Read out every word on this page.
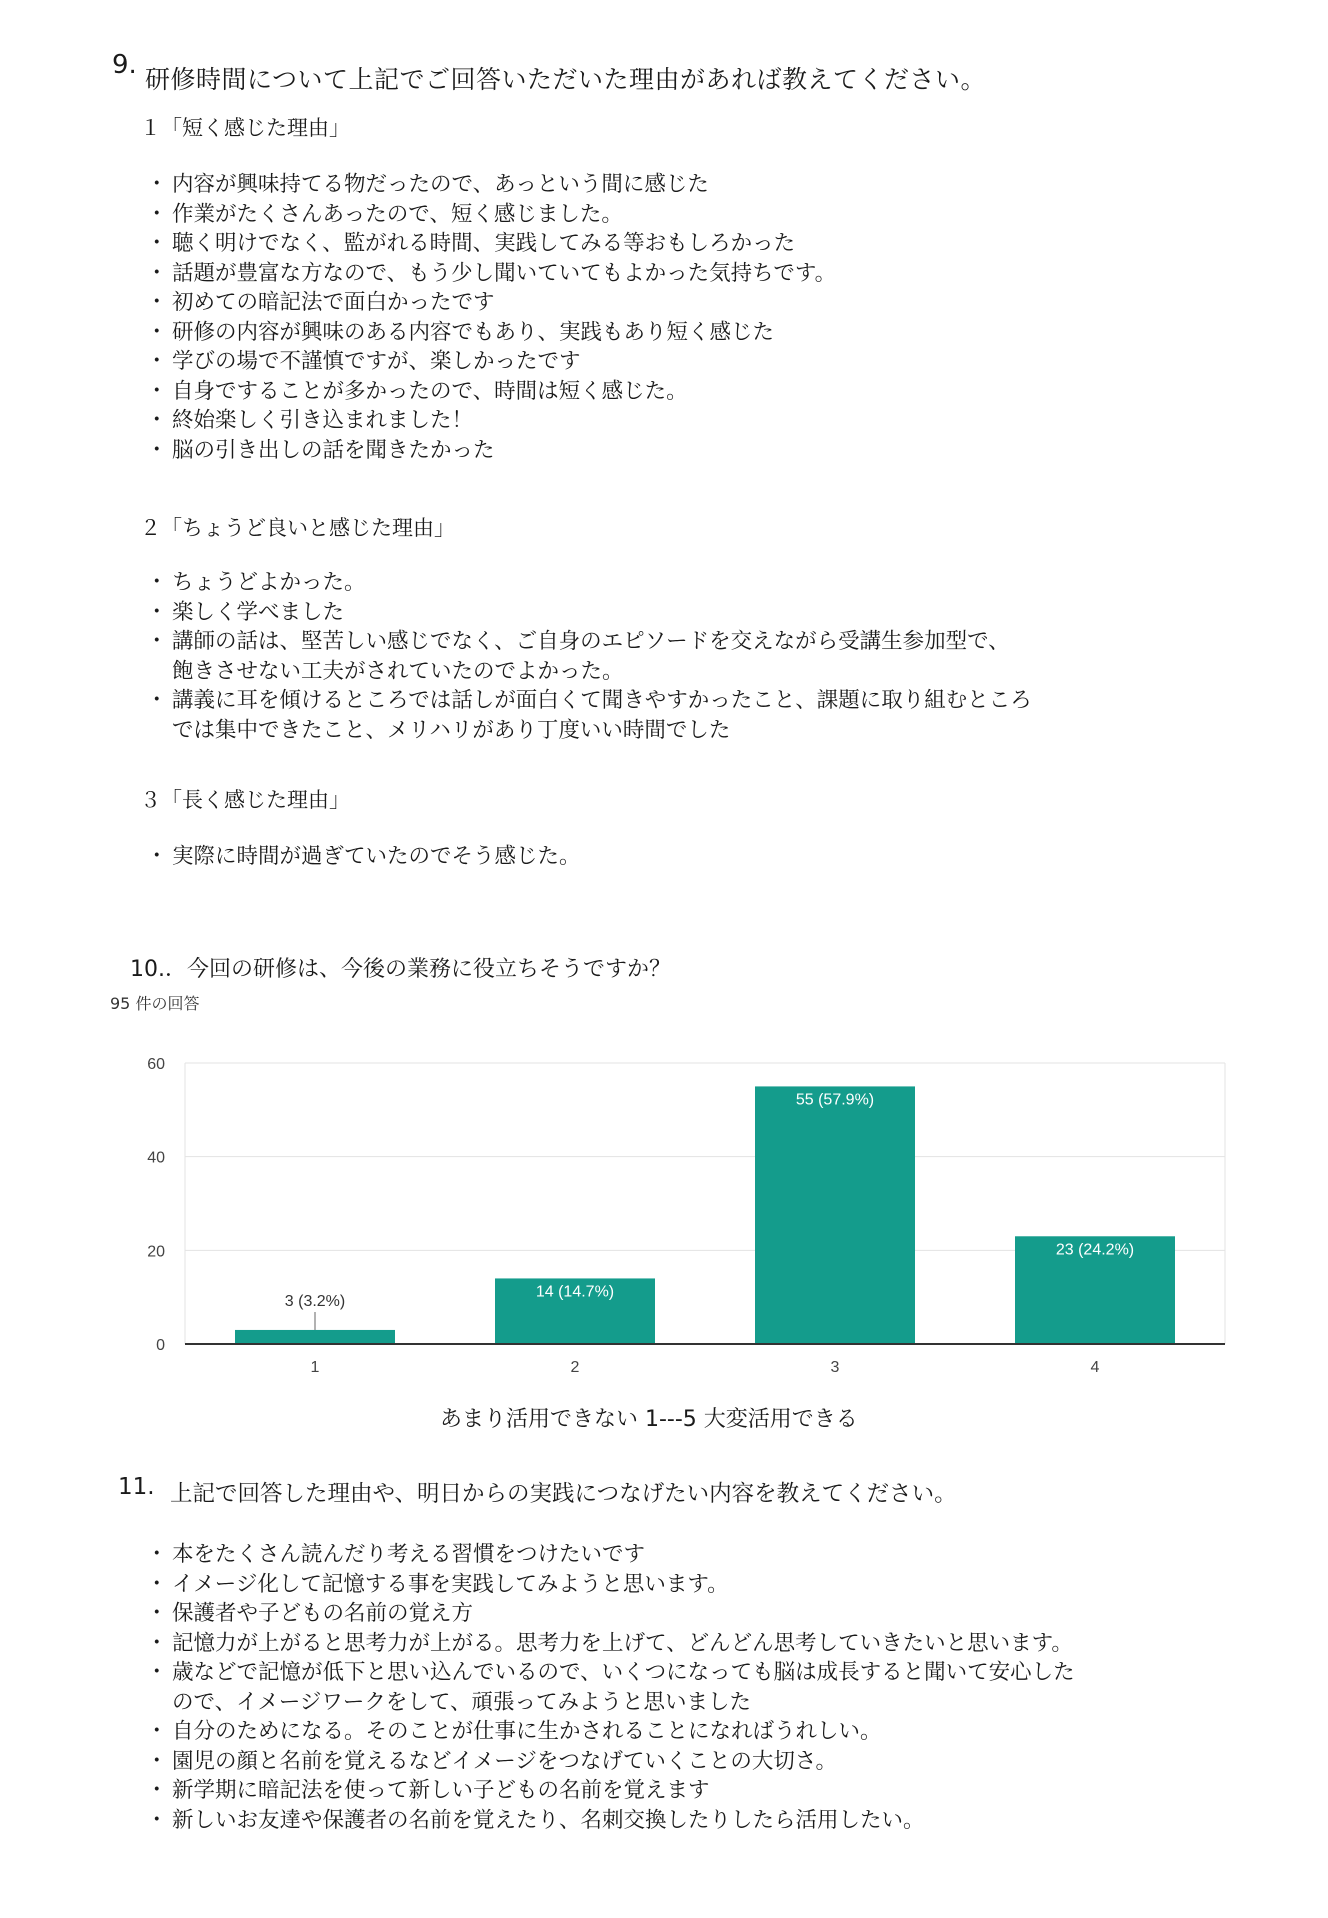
9. 研修時間について上記でご回答いただいた理由があれば教えてください。
１「短く感じた理由」
・ 内容が興味持てる物だったので、あっという間に感じた
・ 作業がたくさんあったので、短く感じました。
・ 聴く明けでなく、監がれる時間、実践してみる等おもしろかった
・ 話題が豊富な方なので、もう少し聞いていてもよかった気持ちです。
・ 初めての暗記法で面白かったです
・ 研修の内容が興味のある内容でもあり、実践もあり短く感じた
・ 学びの場で不謹慎ですが、楽しかったです
・ 自身ですることが多かったので、時間は短く感じた。
・ 終始楽しく引き込まれました！
・ 脳の引き出しの話を聞きたかった
２「ちょうど良いと感じた理由」
・ ちょうどよかった。
・ 楽しく学べました
・ 講師の話は、堅苦しい感じでなく、ご自身のエピソードを交えながら受講生参加型で、
飽きさせない工夫がされていたのでよかった。
・ 講義に耳を傾けるところでは話しが面白くて聞きやすかったこと、課題に取り組むところ
では集中できたこと、メリハリがあり丁度いい時間でした
３「長く感じた理由」
・ 実際に時間が過ぎていたのでそう感じた。
10.．今回の研修は、今後の業務に役立ちそうですか？
95 件の回答
0
20
40
60
3 (3.2%)
1
14 (14.7%)
2
55 (57.9%)
3
23 (24.2%)
4
あまり活用できない 1---5 大変活用できる
11. 上記で回答した理由や、明日からの実践につなげたい内容を教えてください。
・ 本をたくさん読んだり考える習慣をつけたいです
・ イメージ化して記憶する事を実践してみようと思います。
・ 保護者や子どもの名前の覚え方
・ 記憶力が上がると思考力が上がる。思考力を上げて、どんどん思考していきたいと思います。
・ 歳などで記憶が低下と思い込んでいるので、いくつになっても脳は成長すると聞いて安心した
ので、イメージワークをして、頑張ってみようと思いました
・ 自分のためになる。そのことが仕事に生かされることになればうれしい。
・ 園児の顔と名前を覚えるなどイメージをつなげていくことの大切さ。
・ 新学期に暗記法を使って新しい子どもの名前を覚えます
・ 新しいお友達や保護者の名前を覚えたり、名刺交換したりしたら活用したい。
